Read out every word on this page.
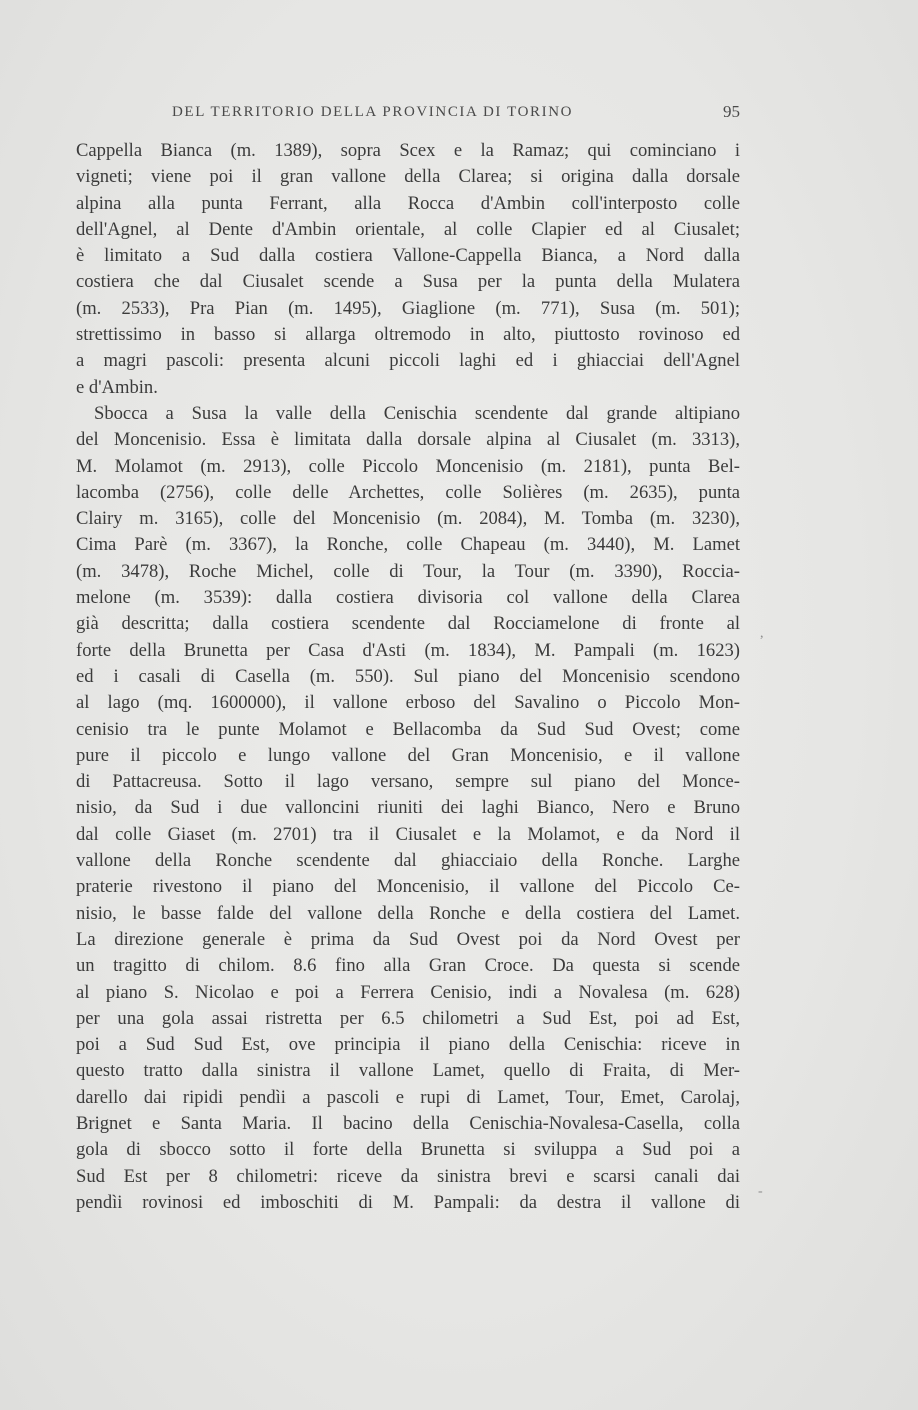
DEL TERRITORIO DELLA PROVINCIA DI TORINO	95
Cappella Bianca (m. 1389), sopra Scex e la Ramaz; qui cominciano i
vigneti; viene poi il gran vallone della Clarea; si origina dalla dorsale
alpina alla punta Ferrant, alla Rocca d'Ambin coll'interposto colle
dell'Agnel, al Dente d'Ambin orientale, al colle Clapier ed al Ciusalet;
è limitato a Sud dalla costiera Vallone-Cappella Bianca, a Nord dalla
costiera che dal Ciusalet scende a Susa per la punta della Mulatera
(m. 2533), Pra Pian (m. 1495), Giaglione (m. 771), Susa (m. 501);
strettissimo in basso si allarga oltremodo in alto, piuttosto rovinoso ed
a magri pascoli: presenta alcuni piccoli laghi ed i ghiacciai dell'Agnel
e d'Ambin.
Sbocca a Susa la valle della Cenischia scendente dal grande altipiano
del Moncenisio. Essa è limitata dalla dorsale alpina al Ciusalet (m. 3313),
M. Molamot (m. 2913), colle Piccolo Moncenisio (m. 2181), punta Bel-
lacomba (2756), colle delle Archettes, colle Solières (m. 2635), punta
Clairy m. 3165), colle del Moncenisio (m. 2084), M. Tomba (m. 3230),
Cima Parè (m. 3367), la Ronche, colle Chapeau (m. 3440), M. Lamet
(m. 3478), Roche Michel, colle di Tour, la Tour (m. 3390), Roccia-
melone (m. 3539): dalla costiera divisoria col vallone della Clarea
già descritta; dalla costiera scendente dal Rocciamelone di fronte al
forte della Brunetta per Casa d'Asti (m. 1834), M. Pampali (m. 1623)
ed i casali di Casella (m. 550). Sul piano del Moncenisio scendono
al lago (mq. 1600000), il vallone erboso del Savalino o Piccolo Mon-
cenisio tra le punte Molamot e Bellacomba da Sud Sud Ovest; come
pure il piccolo e lungo vallone del Gran Moncenisio, e il vallone
di Pattacreusa. Sotto il lago versano, sempre sul piano del Monce-
nisio, da Sud i due valloncini riuniti dei laghi Bianco, Nero e Bruno
dal colle Giaset (m. 2701) tra il Ciusalet e la Molamot, e da Nord il
vallone della Ronche scendente dal ghiacciaio della Ronche. Larghe
praterie rivestono il piano del Moncenisio, il vallone del Piccolo Ce-
nisio, le basse falde del vallone della Ronche e della costiera del Lamet.
La direzione generale è prima da Sud Ovest poi da Nord Ovest per
un tragitto di chilom. 8.6 fino alla Gran Croce. Da questa si scende
al piano S. Nicolao e poi a Ferrera Cenisio, indi a Novalesa (m. 628)
per una gola assai ristretta per 6.5 chilometri a Sud Est, poi ad Est,
poi a Sud Sud Est, ove principia il piano della Cenischia: riceve in
questo tratto dalla sinistra il vallone Lamet, quello di Fraita, di Mer-
darello dai ripidi pendìi a pascoli e rupi di Lamet, Tour, Emet, Carolaj,
Brignet e Santa Maria. Il bacino della Cenischia-Novalesa-Casella, colla
gola di sbocco sotto il forte della Brunetta si sviluppa a Sud poi a
Sud Est per 8 chilometri: riceve da sinistra brevi e scarsi canali dai
pendìi rovinosi ed imboschiti di M. Pampali: da destra il vallone di
,
-
